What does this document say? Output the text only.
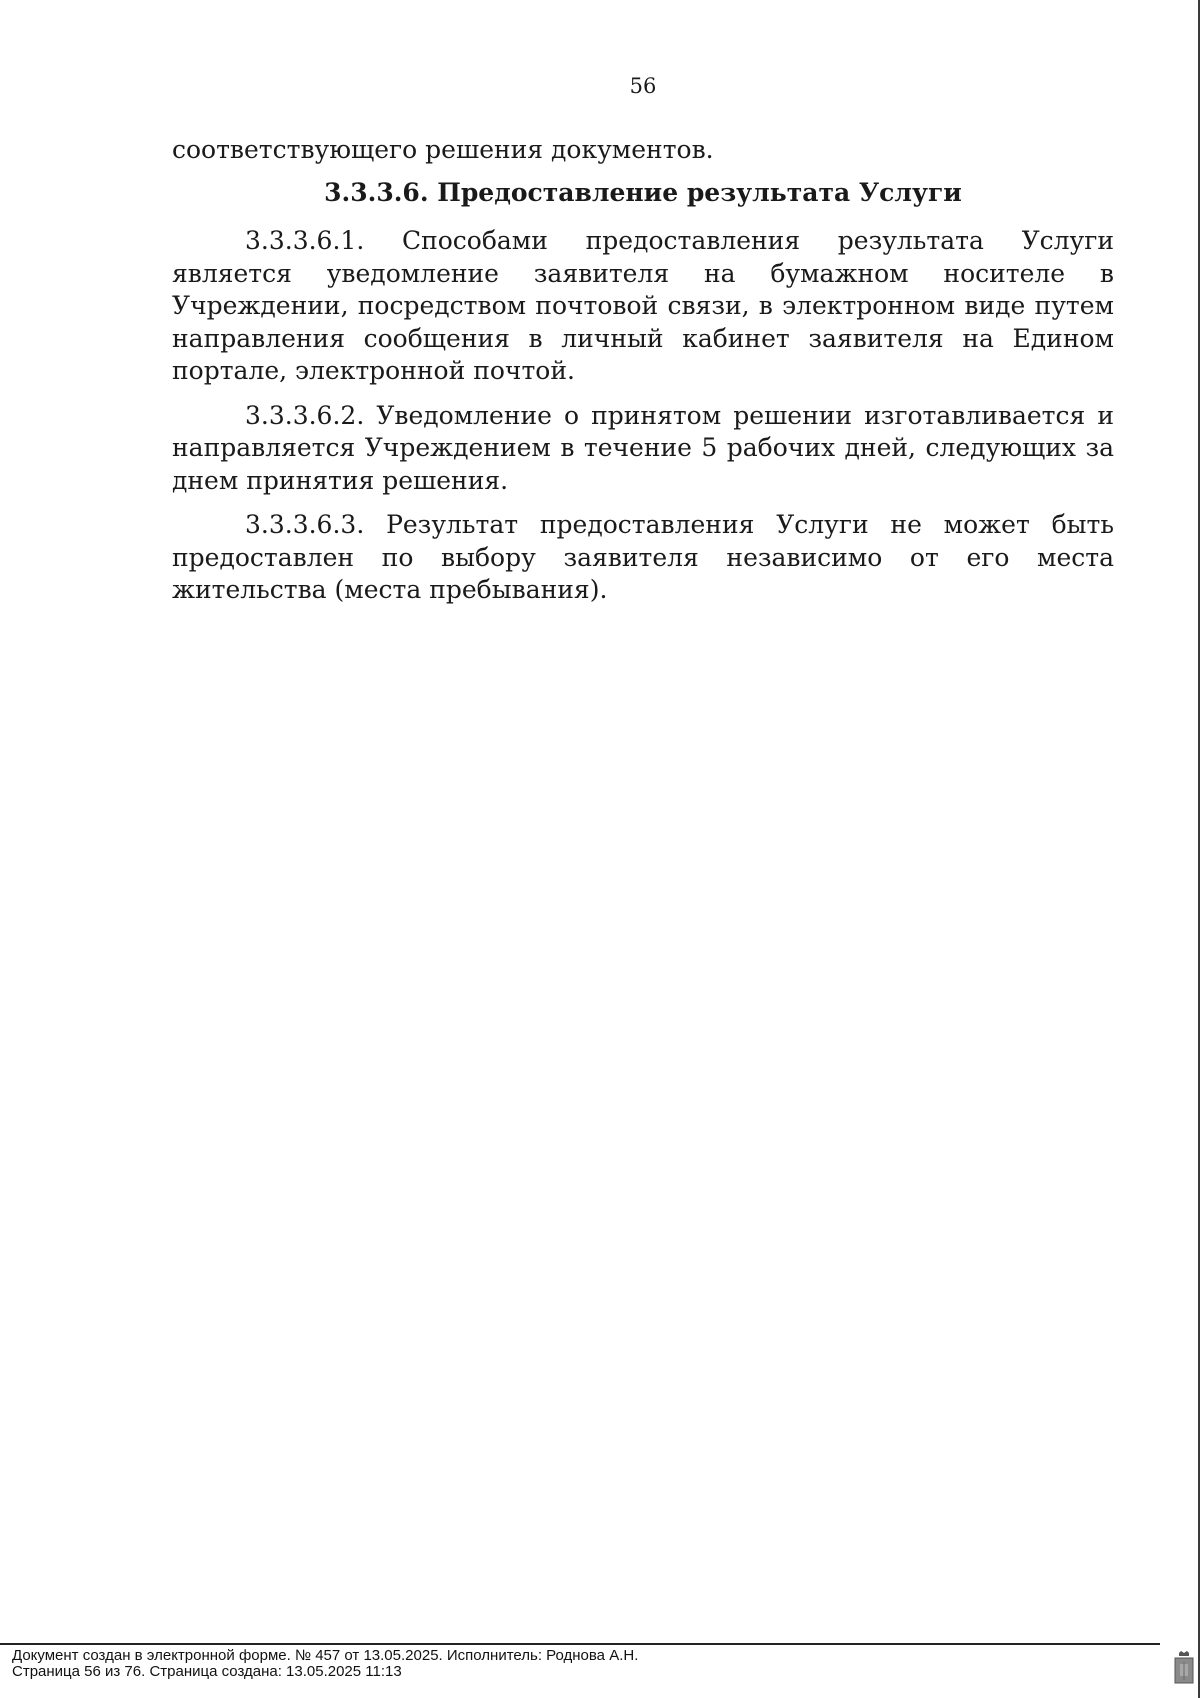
56

соответствующего решения документов.

3.3.3.6. Предоставление результата Услуги

3.3.3.6.1. Способами предоставления результата Услуги является уведомление заявителя на бумажном носителе в Учреждении, посредством почтовой связи, в электронном виде путем направления сообщения в личный кабинет заявителя на Едином портале, электронной почтой.

3.3.3.6.2. Уведомление о принятом решении изготавливается и направляется Учреждением в течение 5 рабочих дней, следующих за днем принятия решения.

3.3.3.6.3. Результат предоставления Услуги не может быть предоставлен по выбору заявителя независимо от его места жительства (места пребывания).

Документ создан в электронной форме. № 457 от 13.05.2025. Исполнитель: Роднова А.Н.
Страница 56 из 76. Страница создана: 13.05.2025 11:13
